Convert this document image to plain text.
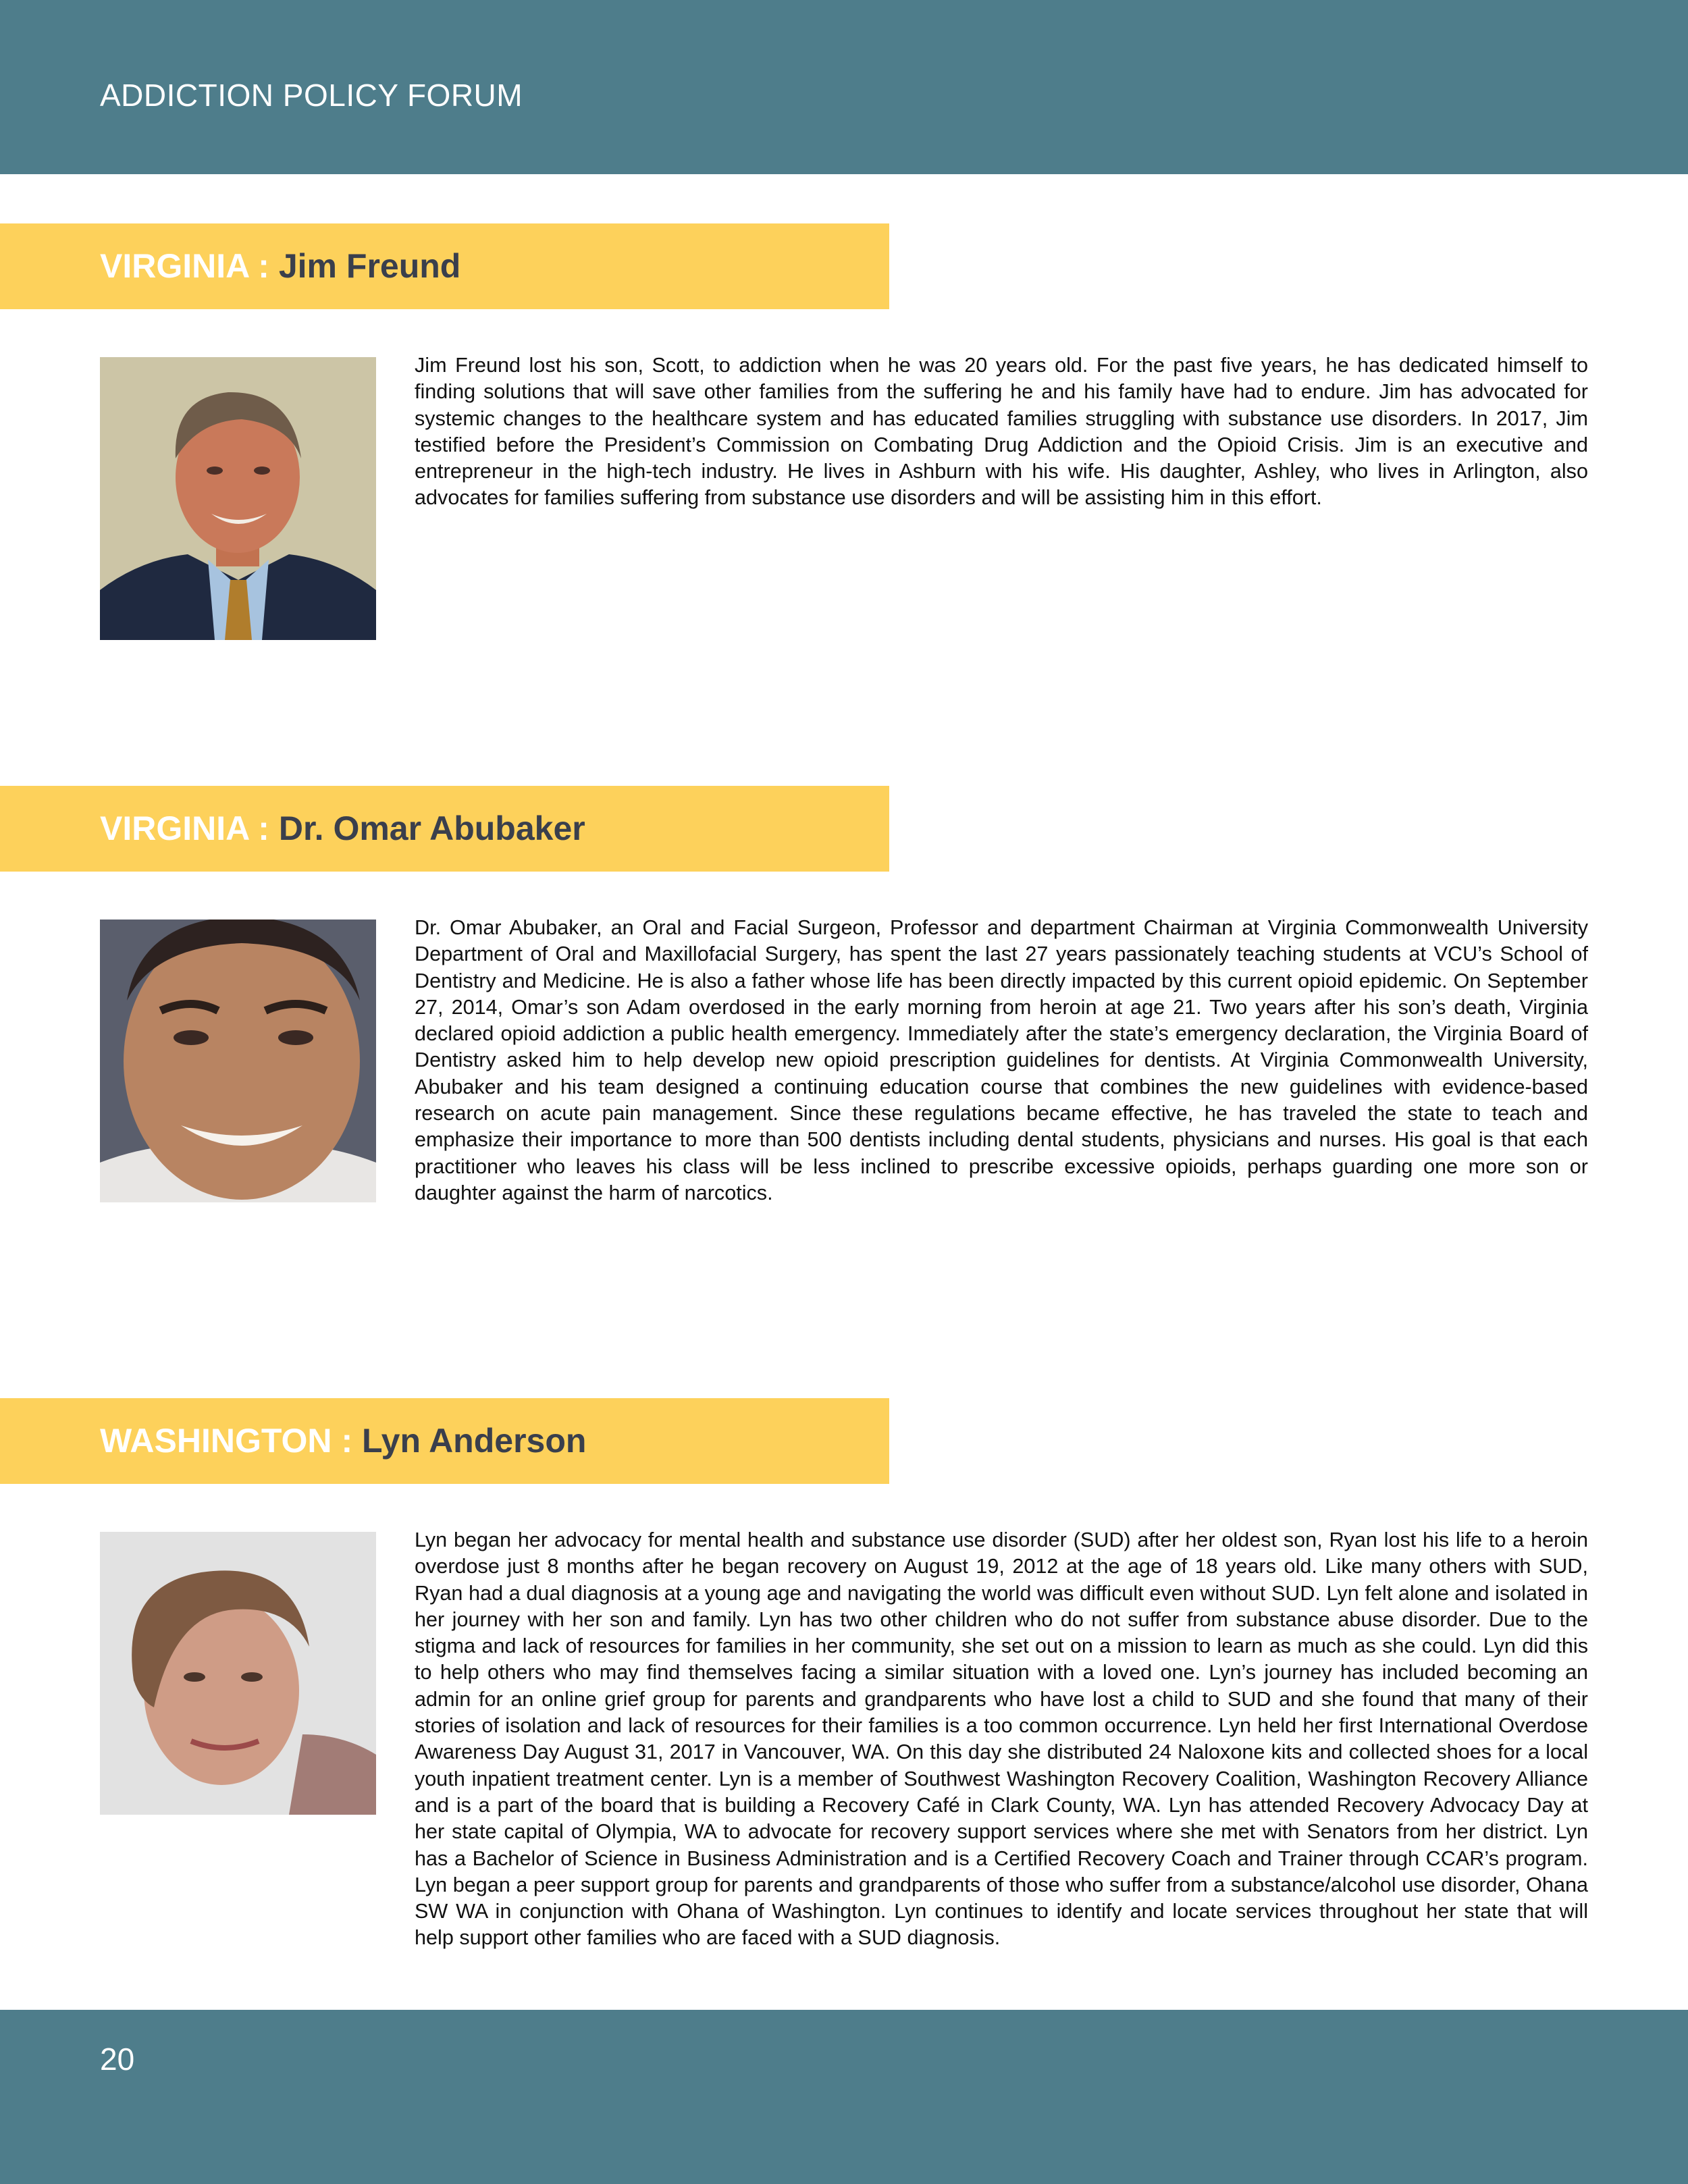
ADDICTION POLICY FORUM
VIRGINIA : Jim Freund

Jim Freund lost his son, Scott, to addiction when he was 20 years old. For the past five years, he has dedicated himself to finding solutions that will save other families from the suffering he and his family have had to endure. Jim has advocated for systemic changes to the healthcare system and has educated families struggling with substance use disorders. In 2017, Jim testified before the President’s Commission on Combating Drug Addiction and the Opioid Crisis. Jim is an executive and entrepreneur in the high-tech industry. He lives in Ashburn with his wife. His daughter, Ashley, who lives in Arlington, also advocates for families suffering from substance use disorders and will be assisting him in this effort.

VIRGINIA : Dr. Omar Abubaker

Dr. Omar Abubaker, an Oral and Facial Surgeon, Professor and department Chairman at Virginia Commonwealth University Department of Oral and Maxillofacial Surgery, has spent the last 27 years passionately teaching students at VCU’s School of Dentistry and Medicine. He is also a father whose life has been directly impacted by this current opioid epidemic. On September 27, 2014, Omar’s son Adam overdosed in the early morning from heroin at age 21. Two years after his son’s death, Virginia declared opioid addiction a public health emergency. Immediately after the state’s emergency declaration, the Virginia Board of Dentistry asked him to help develop new opioid prescription guidelines for dentists. At Virginia Commonwealth University, Abubaker and his team designed a continuing education course that combines the new guidelines with evidence-based research on acute pain management. Since these regulations became effective, he has traveled the state to teach and emphasize their importance to more than 500 dentists including dental students, physicians and nurses. His goal is that each practitioner who leaves his class will be less inclined to prescribe excessive opioids, perhaps guarding one more son or daughter against the harm of narcotics.

WASHINGTON : Lyn Anderson

Lyn began her advocacy for mental health and substance use disorder (SUD) after her oldest son, Ryan lost his life to a heroin overdose just 8 months after he began recovery on August 19, 2012 at the age of 18 years old. Like many others with SUD, Ryan had a dual diagnosis at a young age and navigating the world was difficult even without SUD. Lyn felt alone and isolated in her journey with her son and family. Lyn has two other children who do not suffer from substance abuse disorder. Due to the stigma and lack of resources for families in her community, she set out on a mission to learn as much as she could. Lyn did this to help others who may find themselves facing a similar situation with a loved one. Lyn’s journey has included becoming an admin for an online grief group for parents and grandparents who have lost a child to SUD and she found that many of their stories of isolation and lack of resources for their families is a too common occurrence. Lyn held her first International Overdose Awareness Day August 31, 2017 in Vancouver, WA. On this day she distributed 24 Naloxone kits and collected shoes for a local youth inpatient treatment center. Lyn is a member of Southwest Washington Recovery Coalition, Washington Recovery Alliance and is a part of the board that is building a Recovery Café in Clark County, WA. Lyn has attended Recovery Advocacy Day at her state capital of Olympia, WA to advocate for recovery support services where she met with Senators from her district. Lyn has a Bachelor of Science in Business Administration and is a Certified Recovery Coach and Trainer through CCAR’s program. Lyn began a peer support group for parents and grandparents of those who suffer from a substance/alcohol use disorder, Ohana SW WA in conjunction with Ohana of Washington. Lyn continues to identify and locate services throughout her state that will help support other families who are faced with a SUD diagnosis.

20
